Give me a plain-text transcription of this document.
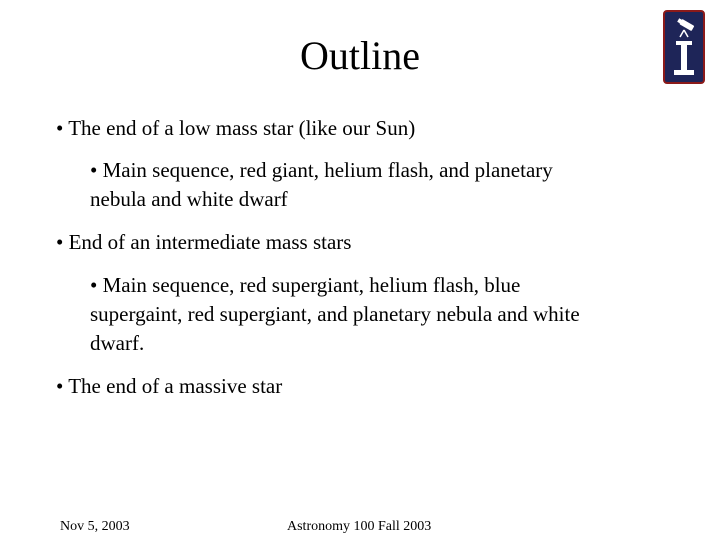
Outline
• The end of a low mass star (like our Sun)
• Main sequence, red giant, helium flash, and planetary
nebula and white dwarf
• End of an intermediate mass stars
• Main sequence, red supergiant, helium flash, blue
supergaint, red supergiant, and planetary nebula and white
dwarf.
• The end of a massive star
Nov 5, 2003	Astronomy 100 Fall 2003
